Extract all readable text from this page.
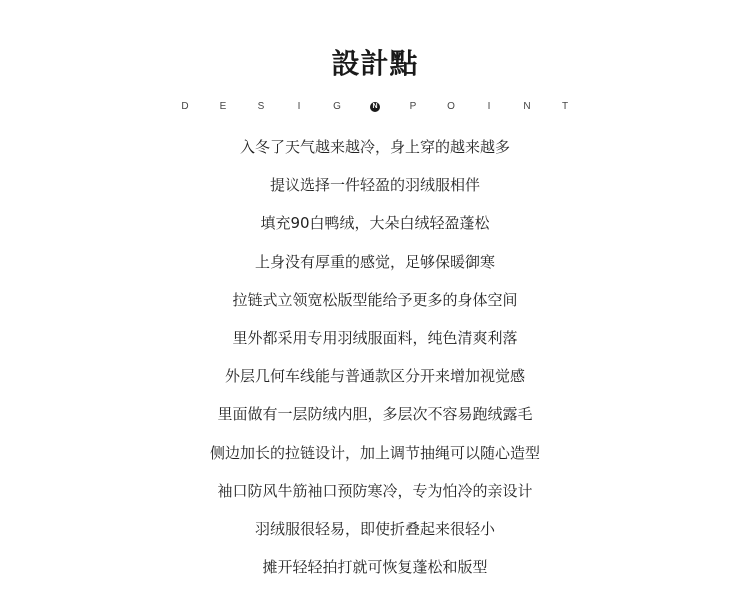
設計點
D	E	S	I	G	N	P	O	I	N	T
入冬了天气越来越冷，身上穿的越来越多
提议选择一件轻盈的羽绒服相伴
填充90白鸭绒，大朵白绒轻盈蓬松
上身没有厚重的感觉，足够保暖御寒
拉链式立领宽松版型能给予更多的身体空间
里外都采用专用羽绒服面料，纯色清爽利落
外层几何车线能与普通款区分开来增加视觉感
里面做有一层防绒内胆，多层次不容易跑绒露毛
侧边加长的拉链设计，加上调节抽绳可以随心造型
袖口防风牛筋袖口预防寒冷，专为怕冷的亲设计
羽绒服很轻易，即使折叠起来很轻小
摊开轻轻拍打就可恢复蓬松和版型
